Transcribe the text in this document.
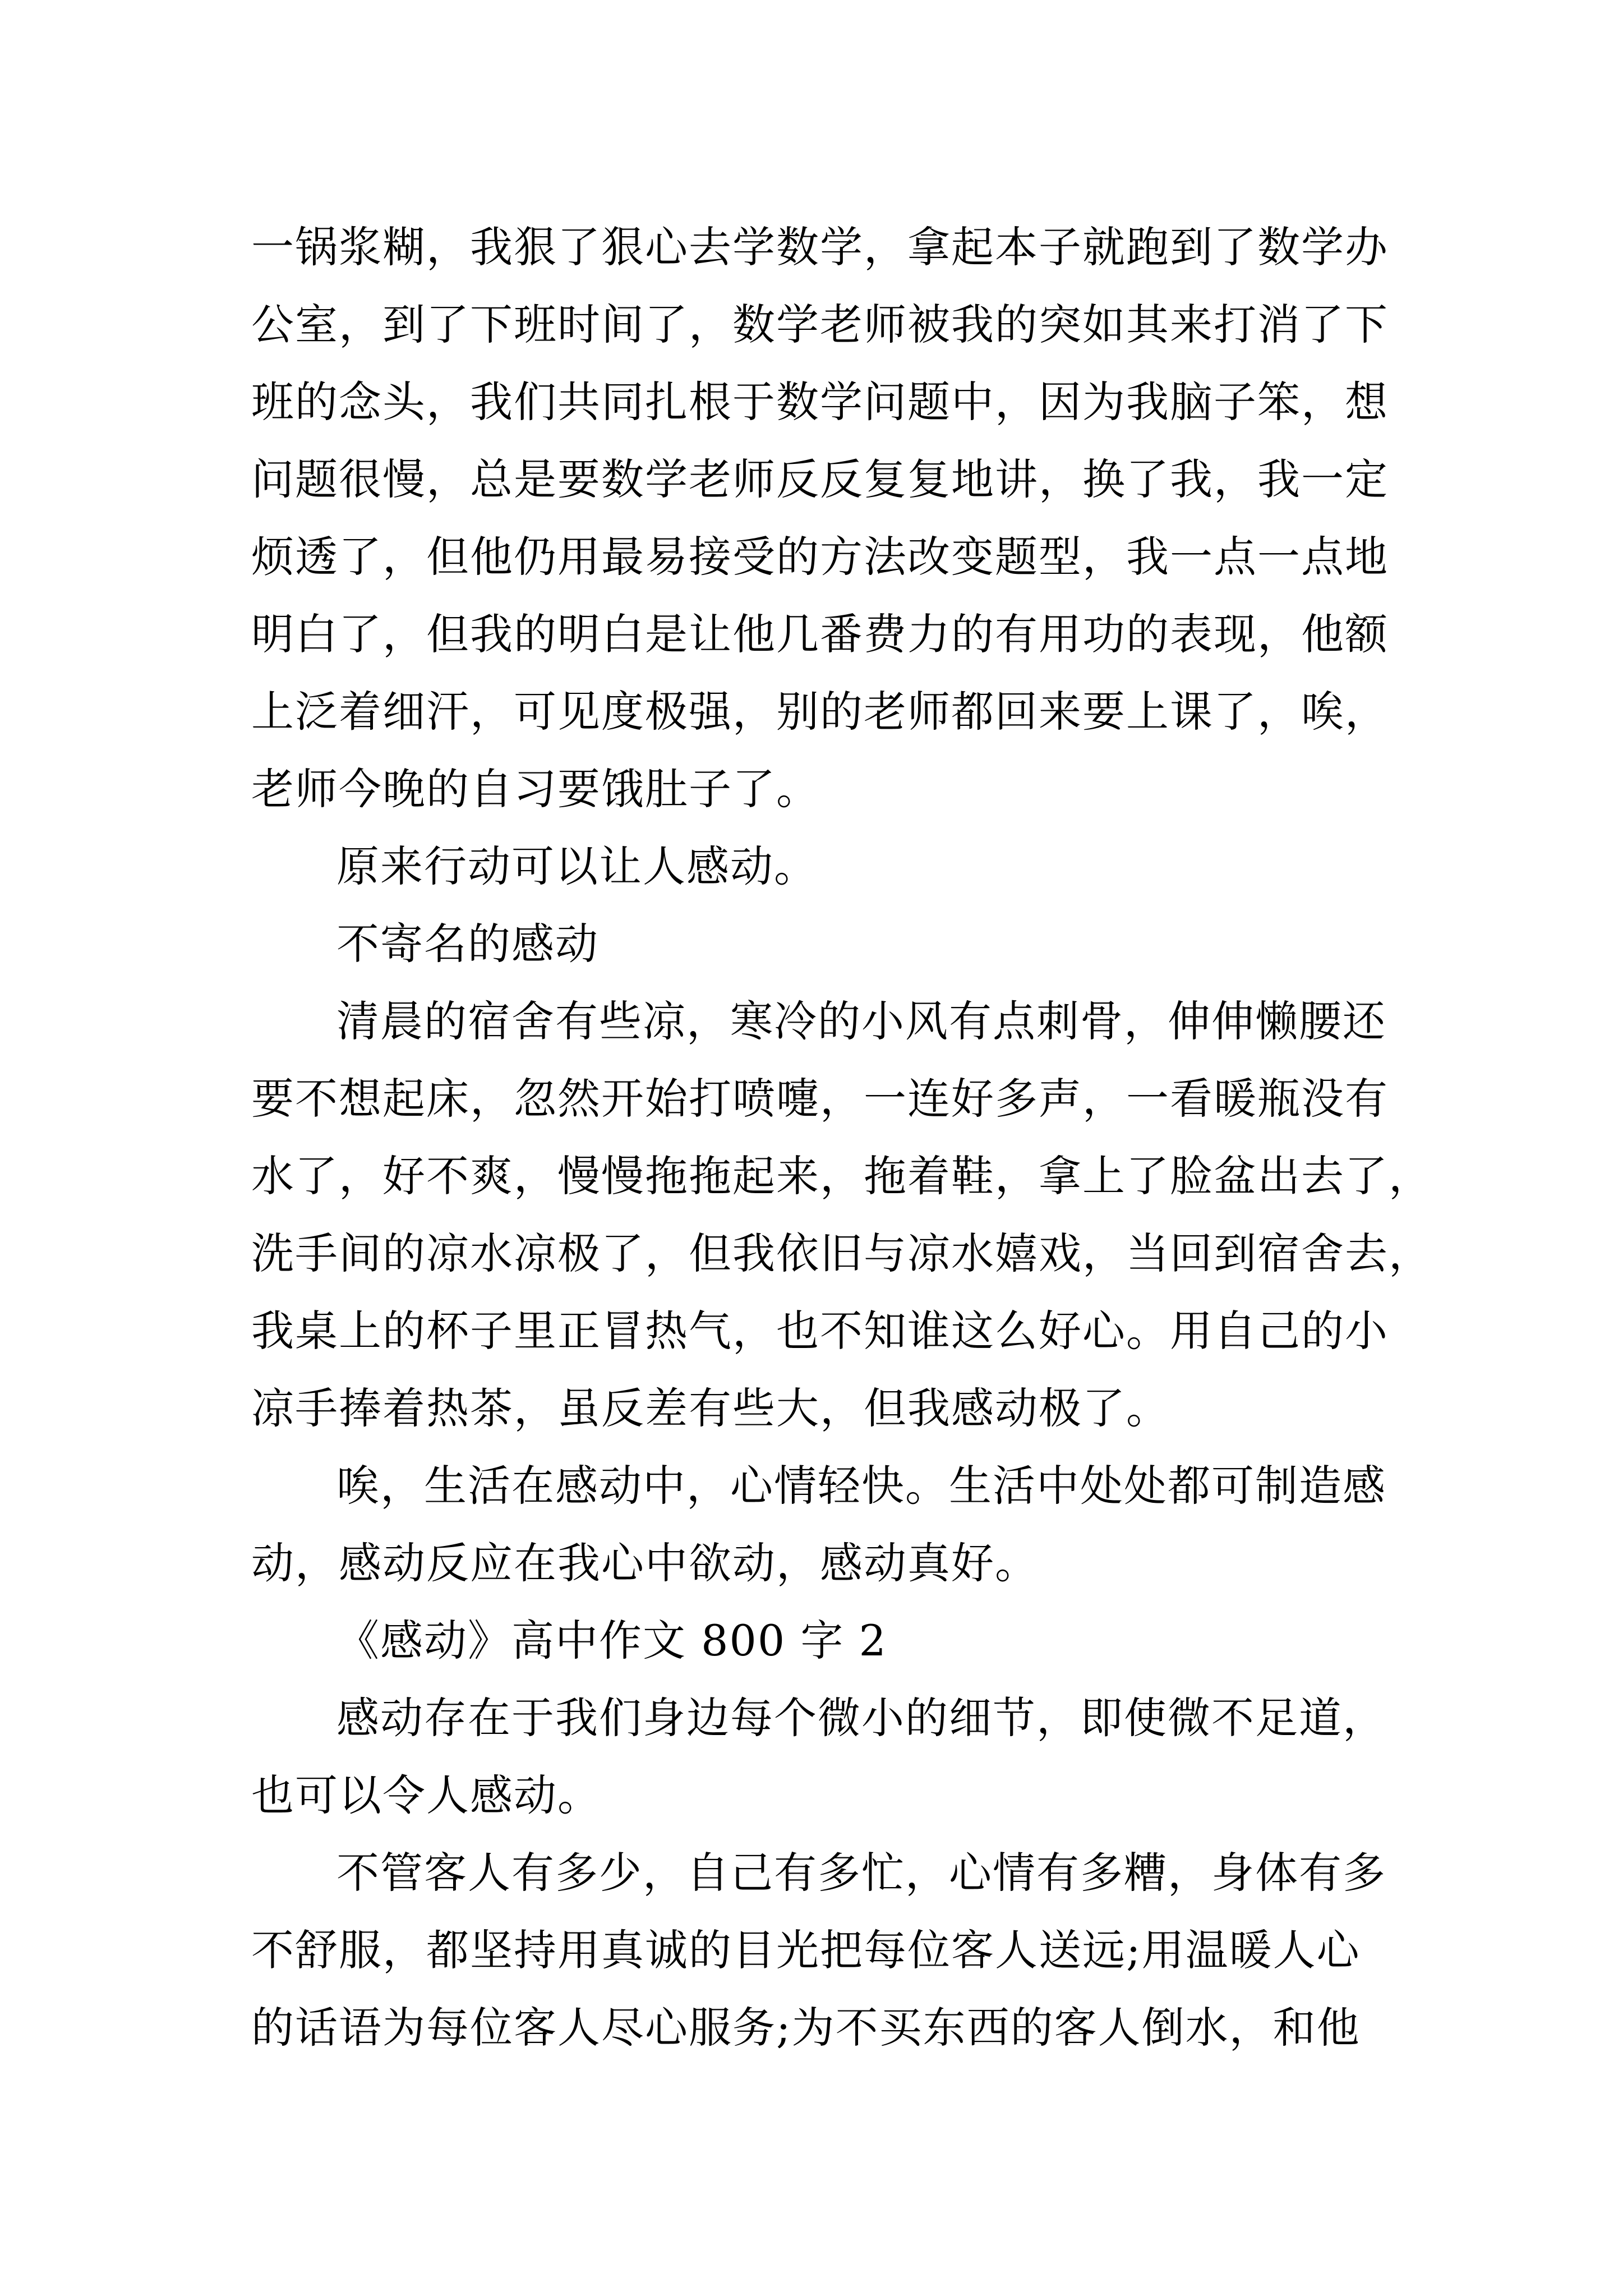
一锅浆糊，我狠了狠心去学数学，拿起本子就跑到了数学办
公室，到了下班时间了，数学老师被我的突如其来打消了下
班的念头，我们共同扎根于数学问题中，因为我脑子笨，想
问题很慢，总是要数学老师反反复复地讲，换了我，我一定
烦透了，但他仍用最易接受的方法改变题型，我一点一点地
明白了，但我的明白是让他几番费力的有用功的表现，他额
上泛着细汗，可见度极强，别的老师都回来要上课了，唉，
老师今晚的自习要饿肚子了。
原来行动可以让人感动。
不寄名的感动
清晨的宿舍有些凉，寒冷的小风有点刺骨，伸伸懒腰还
要不想起床，忽然开始打喷嚏，一连好多声，一看暖瓶没有
水了，好不爽，慢慢拖拖起来，拖着鞋，拿上了脸盆出去了，
洗手间的凉水凉极了，但我依旧与凉水嬉戏，当回到宿舍去，
我桌上的杯子里正冒热气，也不知谁这么好心。用自己的小
凉手捧着热茶，虽反差有些大，但我感动极了。
唉，生活在感动中，心情轻快。生活中处处都可制造感
动，感动反应在我心中欲动，感动真好。
《感动》高中作文 800 字 2
感动存在于我们身边每个微小的细节，即使微不足道，
也可以令人感动。
不管客人有多少，自己有多忙，心情有多糟，身体有多
不舒服，都坚持用真诚的目光把每位客人送远;用温暖人心
的话语为每位客人尽心服务;为不买东西的客人倒水，和他
